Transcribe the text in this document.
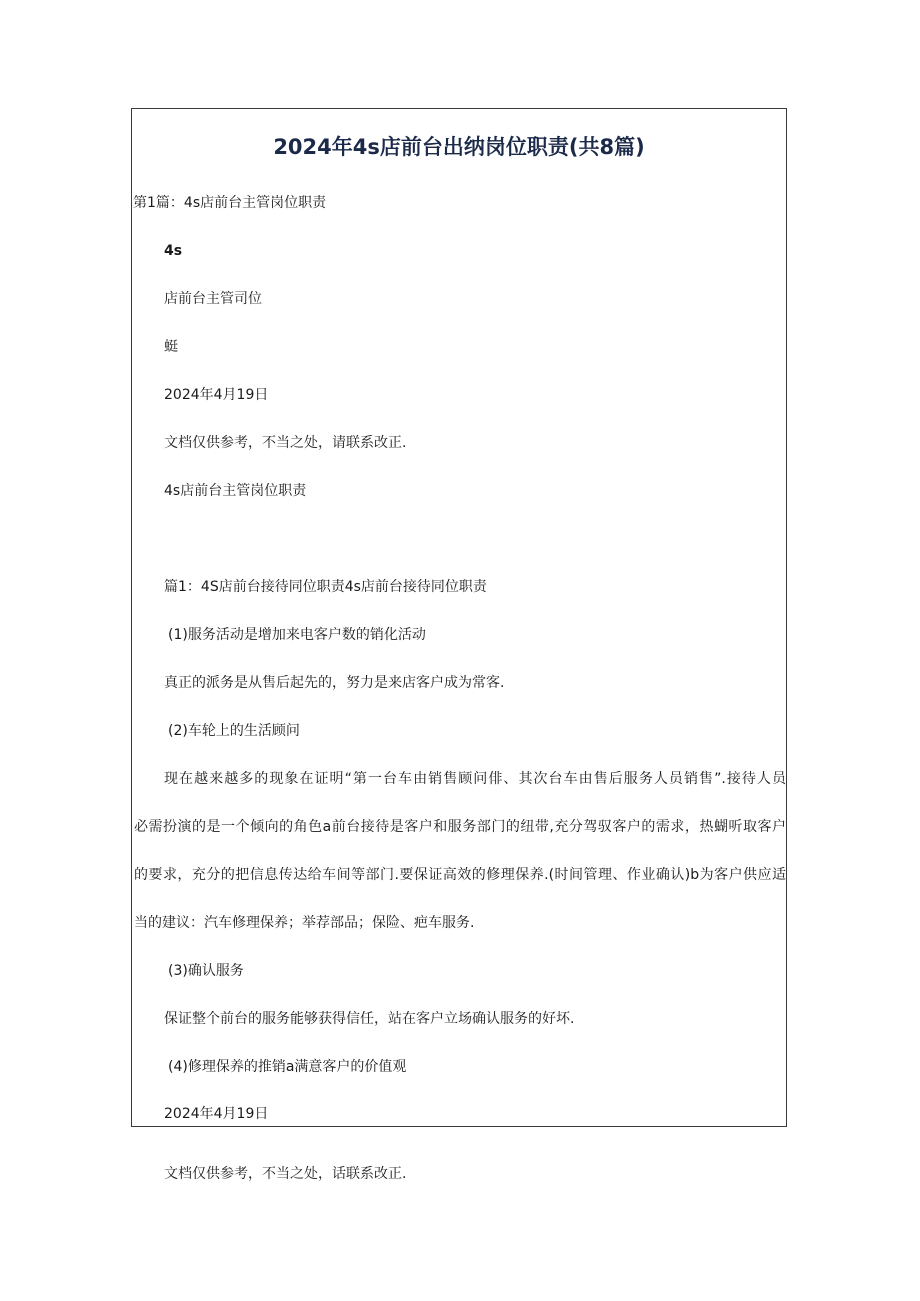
2024年4s店前台出纳岗位职责(共8篇)

第1篇：4s店前台主管岗位职责

4s

店前台主管司位

蜓

2024年4月19日

文档仅供参考，不当之处，请联系改正.

4s店前台主管岗位职责

篇1：4S店前台接待同位职责4s店前台接待同位职责

(1)服务活动是增加来电客户数的销化活动

真正的派务是从售后起先的，努力是来店客户成为常客.

(2)车轮上的生活顾问

现在越来越多的现象在证明“第一台车由销售顾问俳、其次台车由售后服务人员销售”.接待人员

必需扮演的是一个倾向的角色a前台接待是客户和服务部门的纽带,充分驾驭客户的需求，热蝴听取客户

的要求，充分的把信息传达给车间等部门.要保证高效的修理保养.(时间管理、作业确认)b为客户供应适

当的建议：汽车修理保养；举荐部品；保险、疤车服务.

(3)确认服务

保证整个前台的服务能够获得信任，站在客户立场确认服务的好坏.

(4)修理保养的推销a满意客户的价值观

2024年4月19日

文档仅供参考，不当之处，话联系改正.
